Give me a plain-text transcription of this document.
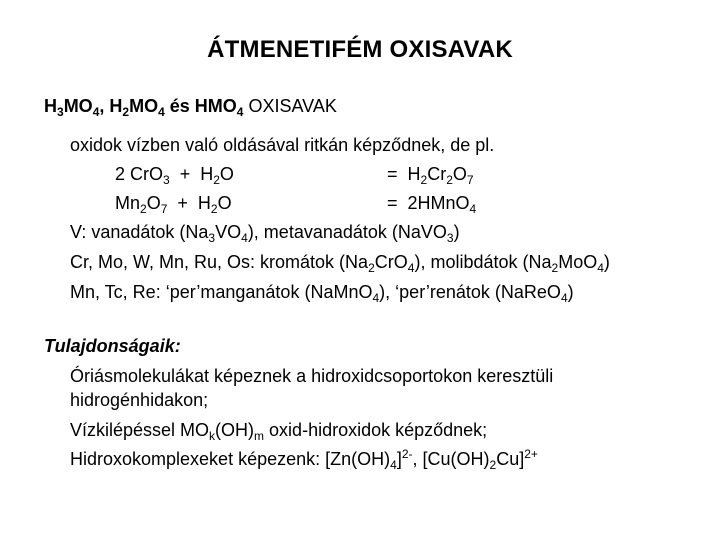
ÁTMENETIFÉM OXISAVAK
$H_3MO_4$, $H_2MO_4$ és $HMO_4$ OXISAVAK
oxidok vízben való oldásával ritkán képződnek, de pl.
2 $CrO_3 + H_2O$	=  $H_2Cr_2O_7$
$Mn_2O_7 + H_2O$	=  2HMnO$_4$
V: vanadátok $(Na_3VO_4)$, metavanadátok (NaVO$_3$)
Cr, Mo, W, Mn, Ru, Os: kromátok $(Na_2CrO_4)$, molibdátok $(Na_2MoO_4)$
Mn, Tc, Re: ‘per’manganátok (NaMnO$_4$), ‘per’renátok (NaReO$_4$)
Tulajdonságaik:
Óriásmolekulákat képeznek a hidroxidcsoportokon keresztüli
hidrogénhidakon;
Vízkilépéssel $MO_k(OH)_m$ oxid-hidroxidok képződnek;
Hidroxokomplexeket képezenk: $[Zn(OH)_4]^{2-}$, $[Cu(OH)_2Cu]^{2+}$
